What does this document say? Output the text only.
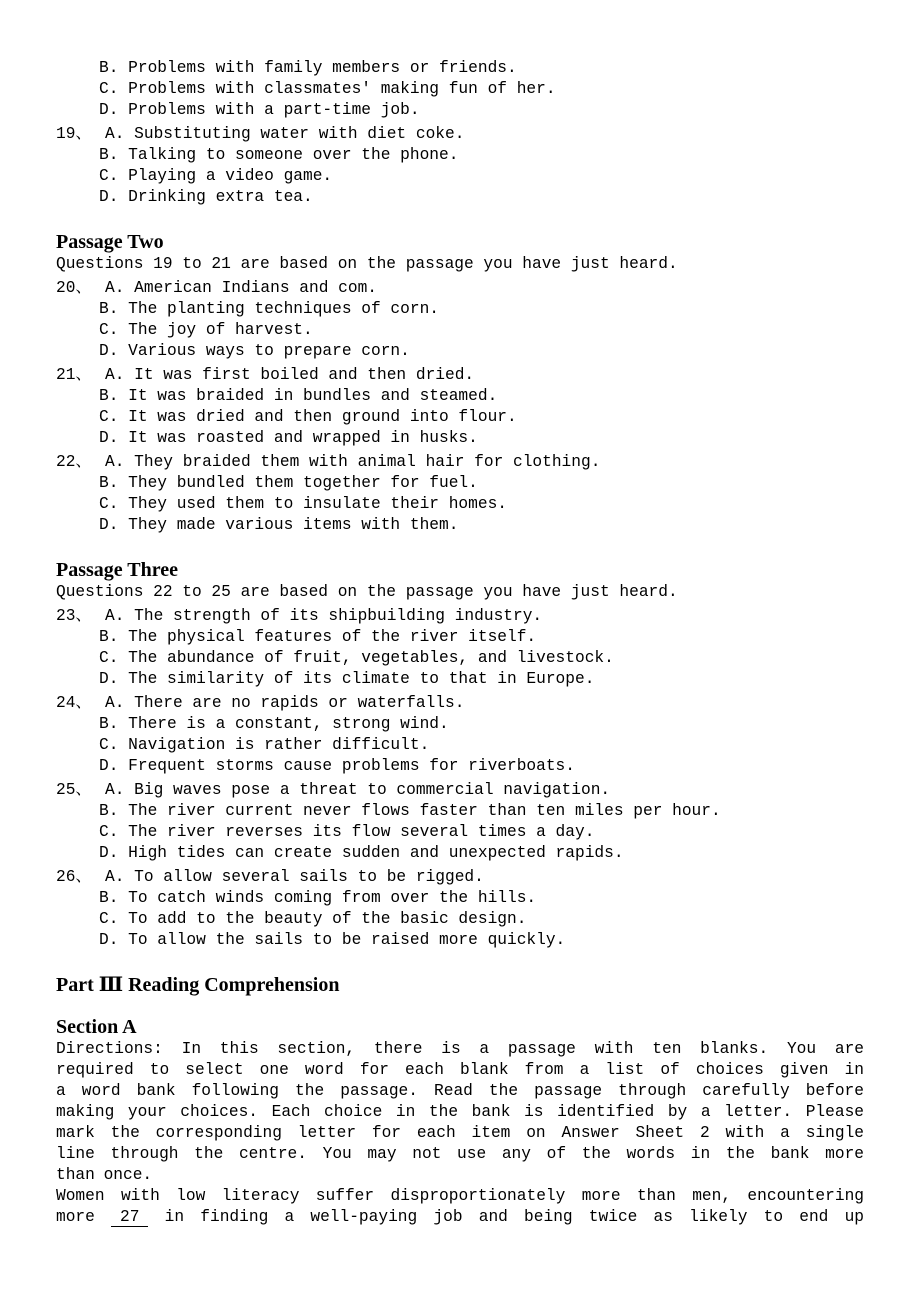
B. Problems with family members or friends.
C. Problems with classmates' making fun of her.
D. Problems with a part-time job.
19、 A. Substituting water with diet coke.
B. Talking to someone over the phone.
C. Playing a video game.
D. Drinking extra tea.
Passage Two
Questions 19 to 21 are based on the passage you have just heard.
20、 A. American Indians and com.
B. The planting techniques of corn.
C. The joy of harvest.
D. Various ways to prepare corn.
21、 A. It was first boiled and then dried.
B. It was braided in bundles and steamed.
C. It was dried and then ground into flour.
D. It was roasted and wrapped in husks.
22、 A. They braided them with animal hair for clothing.
B. They bundled them together for fuel.
C. They used them to insulate their homes.
D. They made various items with them.
Passage Three
Questions 22 to 25 are based on the passage you have just heard.
23、 A. The strength of its shipbuilding industry.
B. The physical features of the river itself.
C. The abundance of fruit, vegetables, and livestock.
D. The similarity of its climate to that in Europe.
24、 A. There are no rapids or waterfalls.
B. There is a constant, strong wind.
C. Navigation is rather difficult.
D. Frequent storms cause problems for riverboats.
25、 A. Big waves pose a threat to commercial navigation.
B. The river current never flows faster than ten miles per hour.
C. The river reverses its flow several times a day.
D. High tides can create sudden and unexpected rapids.
26、 A. To allow several sails to be rigged.
B. To catch winds coming from over the hills.
C. To add to the beauty of the basic design.
D. To allow the sails to be raised more quickly.
Part Ⅲ Reading Comprehension
Section A
Directions: In this section, there is a passage with ten blanks. You are
required to select one word for each blank from a list of choices given in
a word bank following the passage. Read the passage through carefully before
making your choices. Each choice in the bank is identified by a letter. Please
mark the corresponding letter for each item on Answer Sheet 2 with a single
line through the centre. You may not use any of the words in the bank more
than once.
Women with low literacy suffer disproportionately more than men, encountering
more 27 in finding a well-paying job and being twice as likely to end up
